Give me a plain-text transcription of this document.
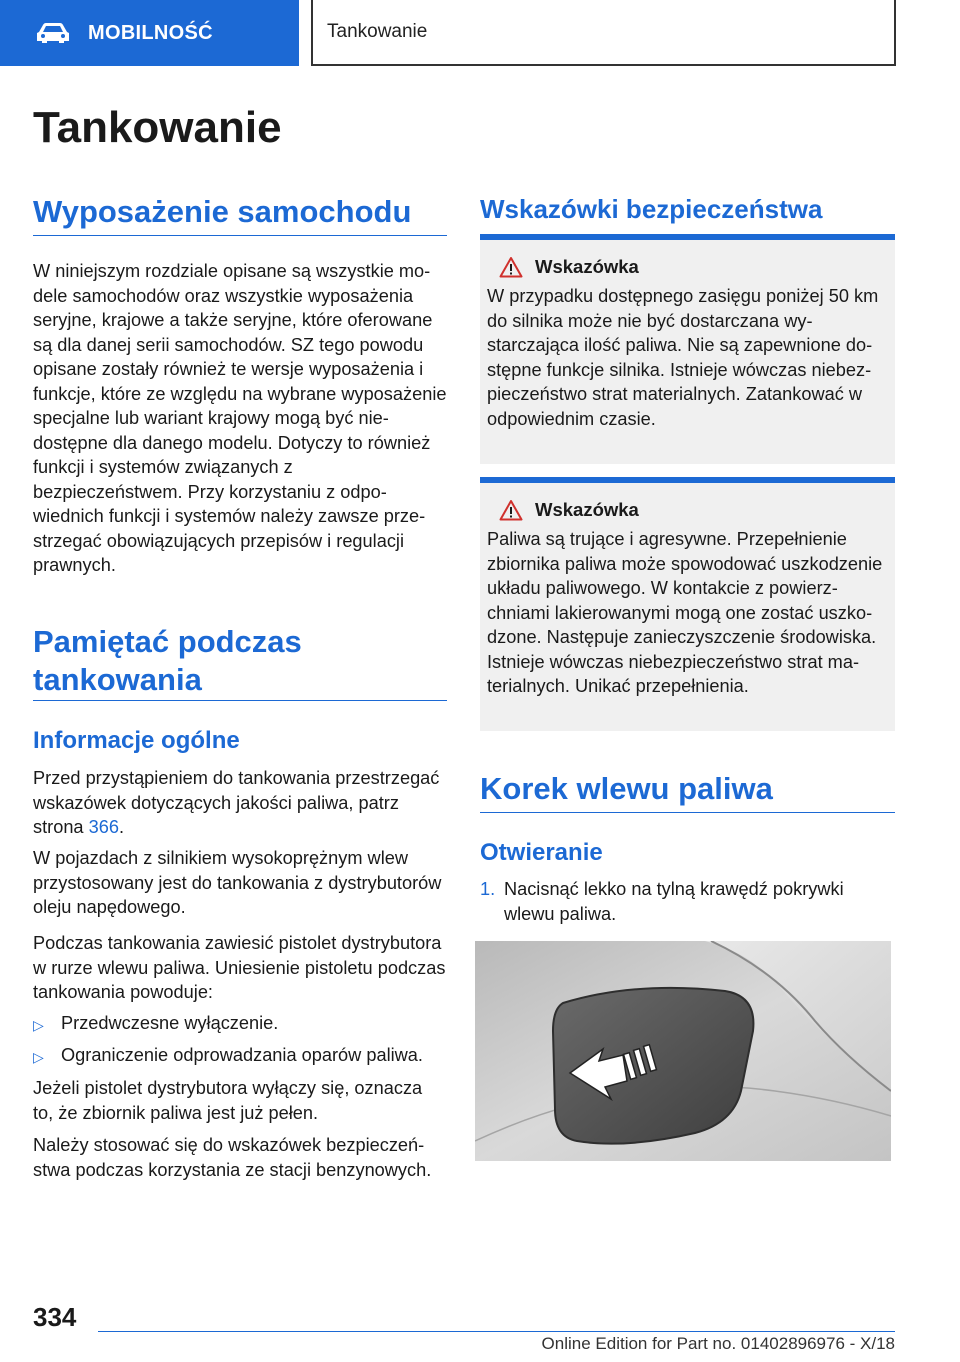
MOBILNOŚĆ	Tankowanie
Tankowanie
Wyposażenie samochodu
W niniejszym rozdziale opisane są wszystkie modele samochodów oraz wszystkie wyposażenia seryjne, krajowe a także seryjne, które oferowane są dla danej serii samochodów. SZ tego powodu opisane zostały również te wersje wyposażenia i funkcje, które ze względu na wybrane wyposażenie specjalne lub wariant krajowy mogą być niedostępne dla danego modelu. Dotyczy to również funkcji i systemów związanych z bezpieczeństwem. Przy korzystaniu z odpowiednich funkcji i systemów należy zawsze przestrzegać obowiązujących przepisów i regulacji prawnych.
Pamiętać podczas tankowania
Informacje ogólne
Przed przystąpieniem do tankowania przestrzegać wskazówek dotyczących jakości paliwa, patrz strona 366.
W pojazdach z silnikiem wysokoprężnym wlew przystosowany jest do tankowania z dystrybutorów oleju napędowego.
Podczas tankowania zawiesić pistolet dystrybutora w rurze wlewu paliwa. Uniesienie pistoletu podczas tankowania powoduje:
▷ Przedwczesne wyłączenie.
▷ Ograniczenie odprowadzania oparów paliwa.
Jeżeli pistolet dystrybutora wyłączy się, oznacza to, że zbiornik paliwa jest już pełen.
Należy stosować się do wskazówek bezpieczeństwa podczas korzystania ze stacji benzynowych.
Wskazówki bezpieczeństwa
Wskazówka
W przypadku dostępnego zasięgu poniżej 50 km do silnika może nie być dostarczana wystarczająca ilość paliwa. Nie są zapewnione dostępne funkcje silnika. Istnieje wówczas niebezpieczeństwo strat materialnych. Zatankować w odpowiednim czasie.
Wskazówka
Paliwa są trujące i agresywne. Przepełnienie zbiornika paliwa może spowodować uszkodzenie układu paliwowego. W kontakcie z powierzchniami lakierowanymi mogą one zostać uszkodzone. Następuje zanieczyszczenie środowiska. Istnieje wówczas niebezpieczeństwo strat materialnych. Unikać przepełnienia.
Korek wlewu paliwa
Otwieranie
1. Nacisnąć lekko na tylną krawędź pokrywki wlewu paliwa.
334
Online Edition for Part no. 01402896976 - X/18
